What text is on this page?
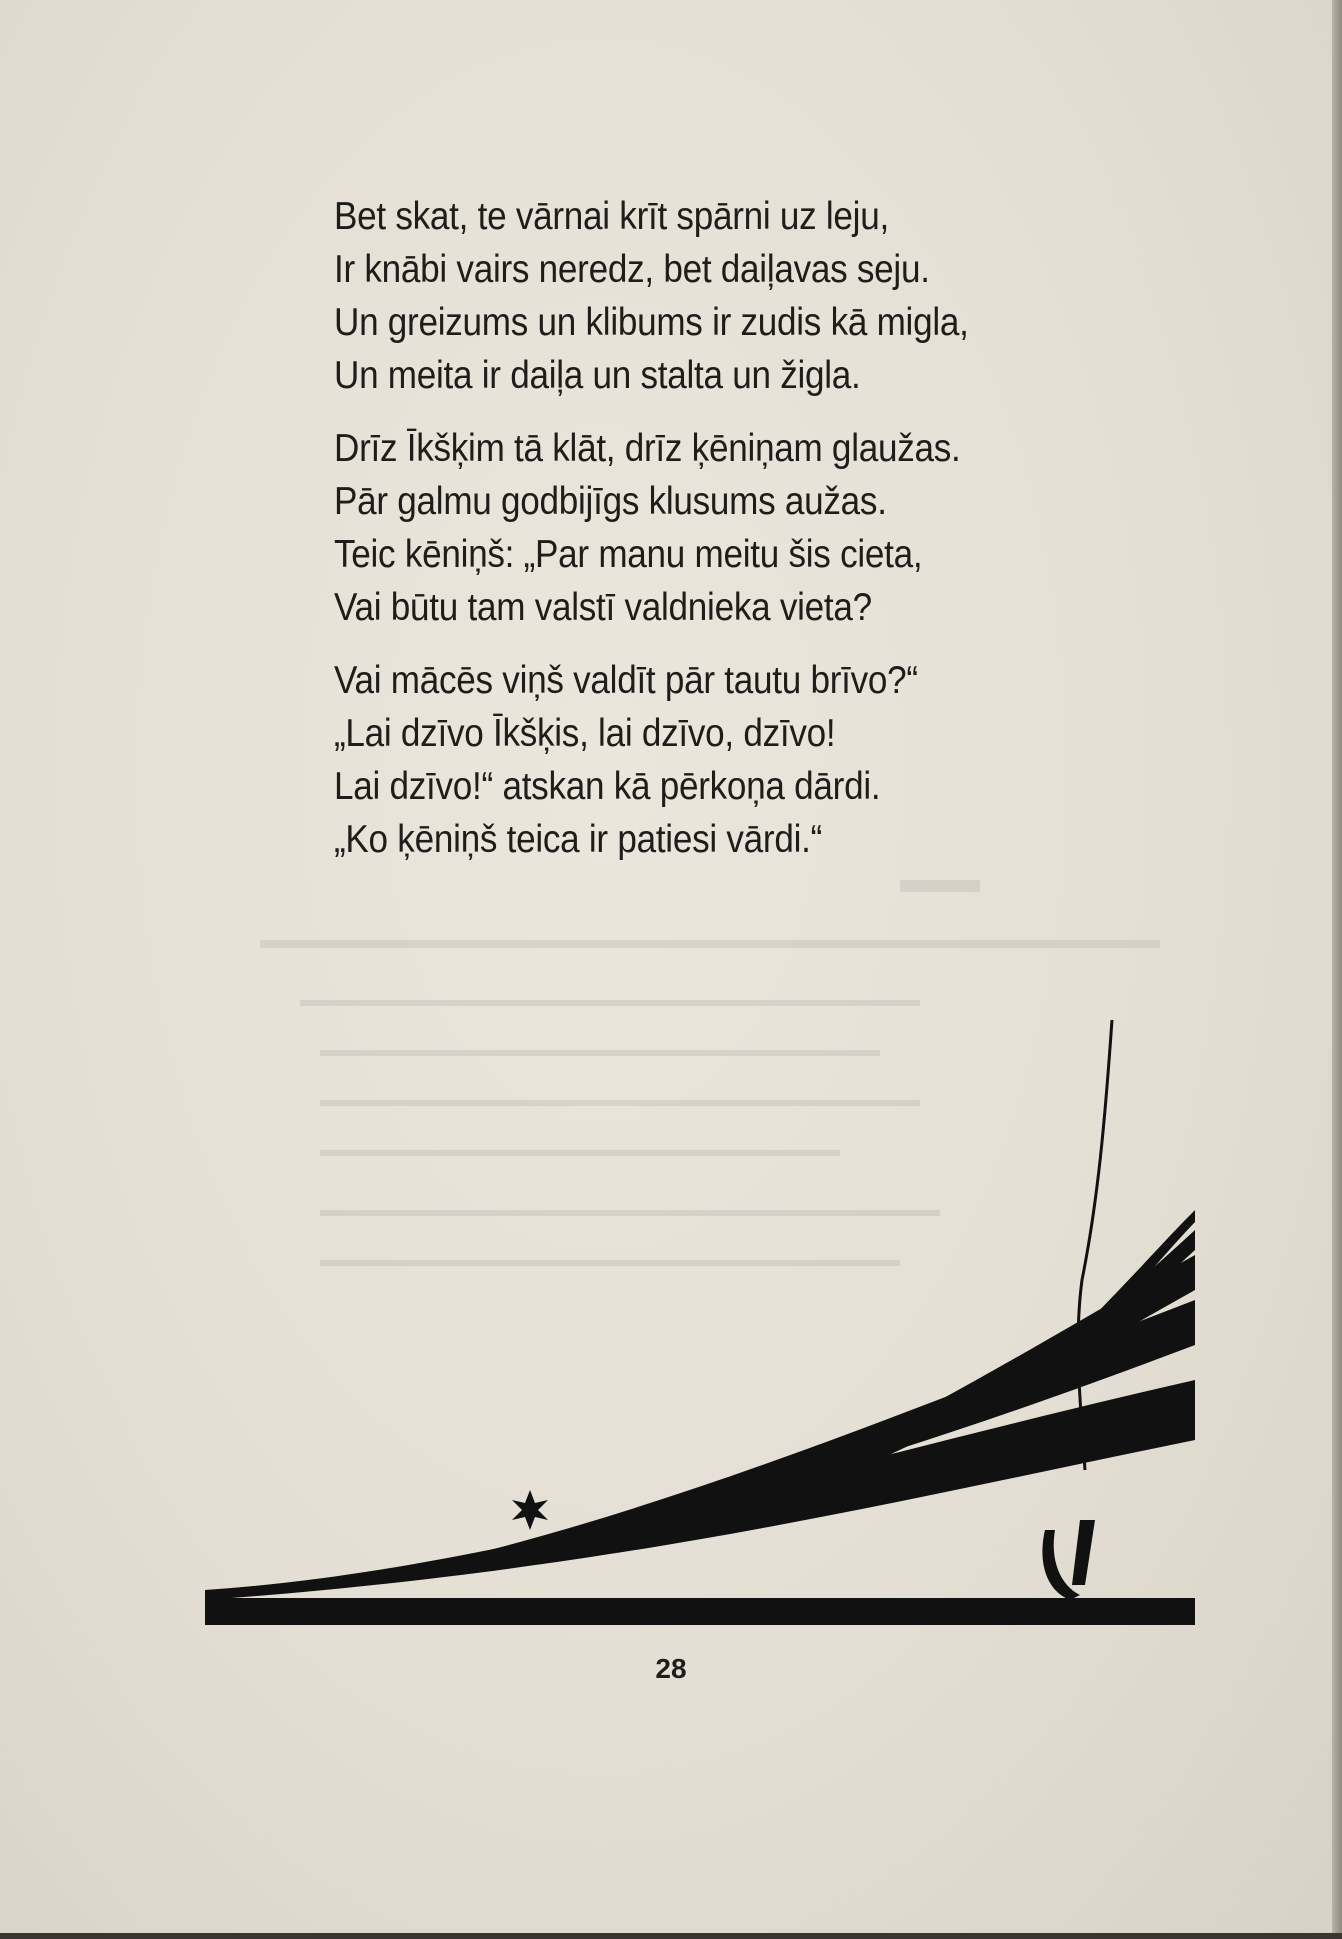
Bet skat, te vārnai krīt spārni uz leju,
Ir knābi vairs neredz, bet daiļavas seju.
Un greizums un klibums ir zudis kā migla,
Un meita ir daiļa un stalta un žigla.
Drīz Īkšķim tā klāt, drīz ķēniņam glaužas.
Pār galmu godbijīgs klusums aužas.
Teic kēniņš: „Par manu meitu šis cieta,
Vai būtu tam valstī valdnieka vieta?
Vai mācēs viņš valdīt pār tautu brīvo?“
„Lai dzīvo Īkšķis, lai dzīvo, dzīvo!
Lai dzīvo!“ atskan kā pērkoņa dārdi.
„Ko ķēniņš teica ir patiesi vārdi.“
28
